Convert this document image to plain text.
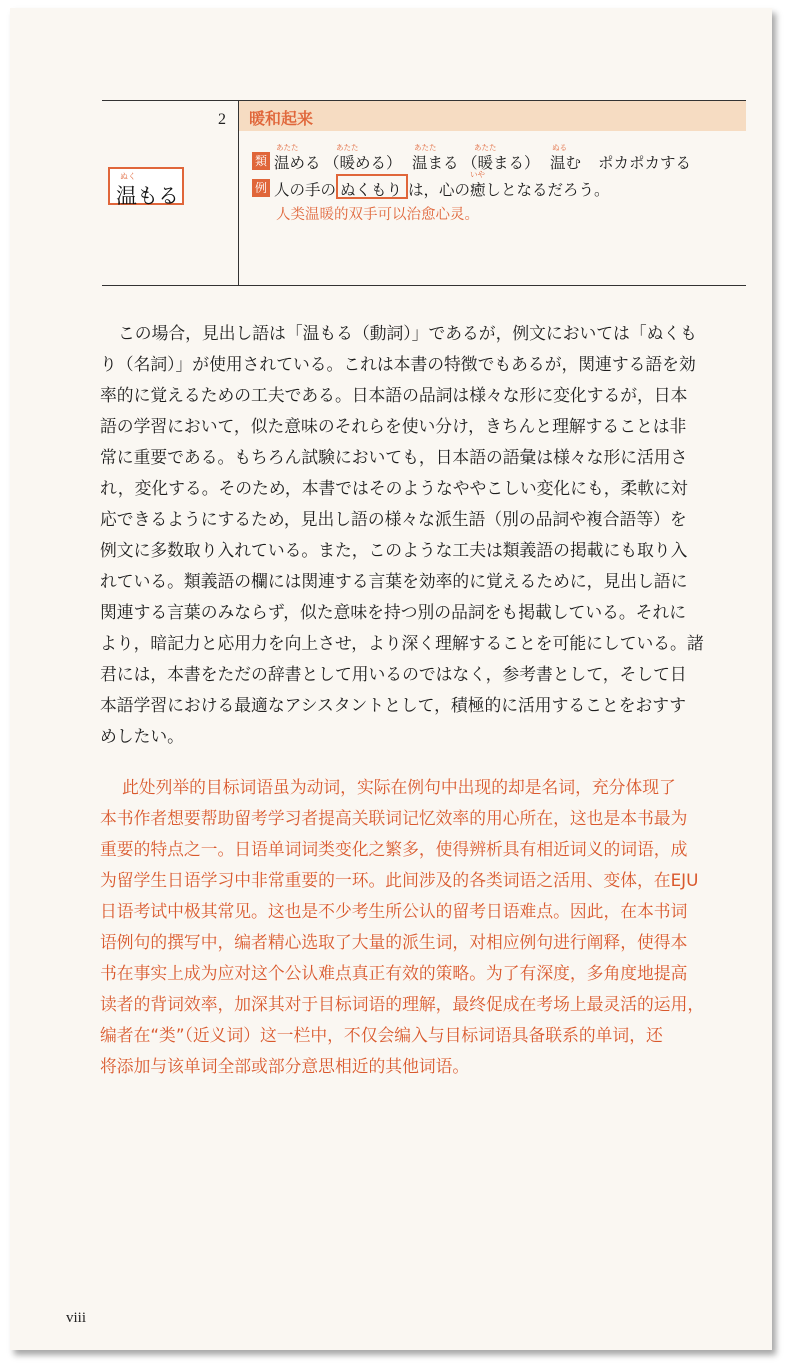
ぬく
温もる
2 暖和起来
類
あたた
温める
あたた
（暖める）
あたた
温まる
あたた
（暖まる）
ぬる
温む ポカポカする
例 人の手の ぬくもり は，心の癒しとなるだろう。
いや
人类温暖的双手可以治愈心灵。
この場合，見出し語は「温もる（動詞）」であるが，例文においては「ぬくも
り（名詞）」が使用されている。これは本書の特徴でもあるが，関連する語を効
率的に覚えるための工夫である。日本語の品詞は様々な形に変化するが，日本
語の学習において，似た意味のそれらを使い分け，きちんと理解することは非
常に重要である。もちろん試験においても，日本語の語彙は様々な形に活用さ
れ，変化する。そのため，本書ではそのようなややこしい変化にも，柔軟に対
応できるようにするため，見出し語の様々な派生語（別の品詞や複合語等）を
例文に多数取り入れている。また，このような工夫は類義語の掲載にも取り入
れている。類義語の欄には関連する言葉を効率的に覚えるために，見出し語に
関連する言葉のみならず，似た意味を持つ別の品詞をも掲載している。それに
より，暗記力と応用力を向上させ，より深く理解することを可能にしている。諸
君には，本書をただの辞書として用いるのではなく，参考書として，そして日
本語学習における最適なアシスタントとして，積極的に活用することをおすす
めしたい。
此处列举的目标词语虽为动词，实际在例句中出现的却是名词，充分体现了
本书作者想要帮助留考学习者提高关联词记忆效率的用心所在，这也是本书最为
重要的特点之一。日语单词词类变化之繁多，使得辨析具有相近词义的词语，成
为留学生日语学习中非常重要的一环。此间涉及的各类词语之活用、变体，在EJU
日语考试中极其常见。这也是不少考生所公认的留考日语难点。因此，在本书词
语例句的撰写中，编者精心选取了大量的派生词，对相应例句进行阐释，使得本
书在事实上成为应对这个公认难点真正有效的策略。为了有深度，多角度地提高
读者的背词效率，加深其对于目标词语的理解，最终促成在考场上最灵活的运用，
编者在“类”（近义词）这一栏中，不仅会编入与目标词语具备联系的单词，还
将添加与该单词全部或部分意思相近的其他词语。
viii
